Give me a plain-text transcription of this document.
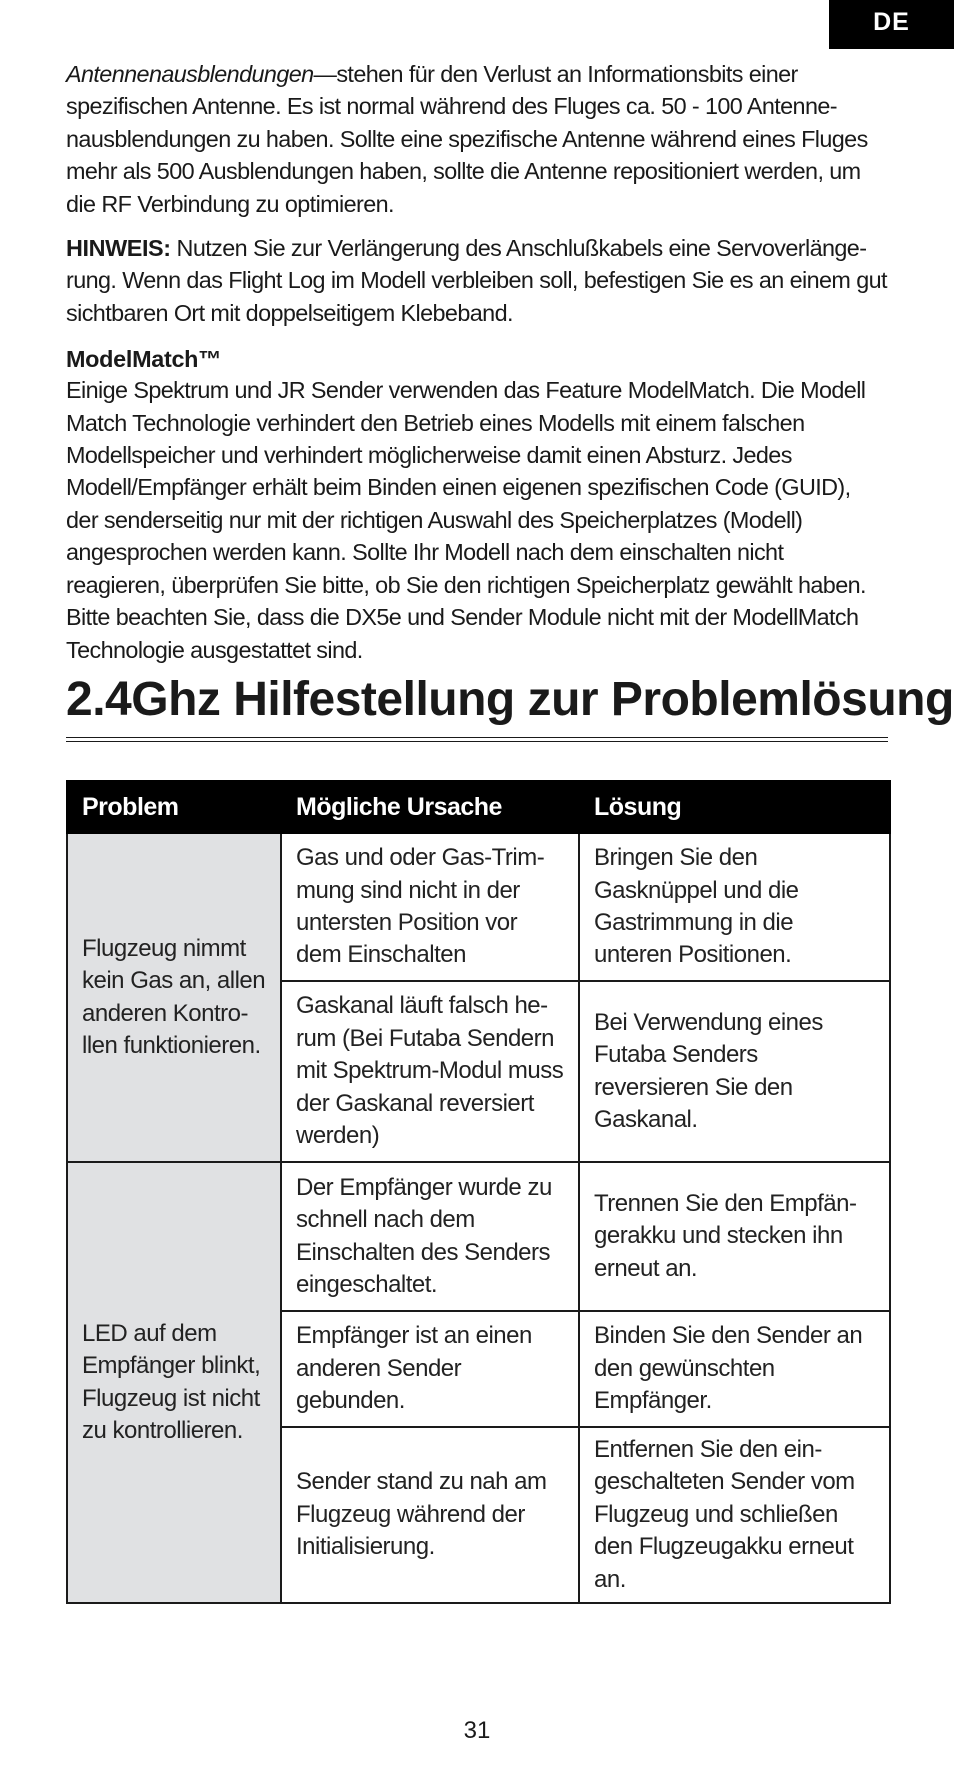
DE

Antennenausblendungen—stehen für den Verlust an Informationsbits einer spezifischen Antenne. Es ist normal während des Fluges ca. 50 - 100 Antenne- nausblendungen zu haben. Sollte eine spezifische Antenne während eines Fluges mehr als 500 Ausblendungen haben, sollte die Antenne repositioniert werden, um die RF Verbindung zu optimieren.

HINWEIS: Nutzen Sie zur Verlängerung des Anschlußkabels eine Servoverlänge- rung. Wenn das Flight Log im Modell verbleiben soll, befestigen Sie es an einem gut sichtbaren Ort mit doppelseitigem Klebeband.

ModelMatch™

Einige Spektrum und JR Sender verwenden das Feature ModelMatch. Die Modell Match Technologie verhindert den Betrieb eines Modells mit einem falschen Modellspeicher und verhindert möglicherweise damit einen Absturz. Jedes Modell/Empfänger erhält beim Binden einen eigenen spezifischen Code (GUID), der senderseitig nur mit der richtigen Auswahl des Speicherplatzes (Modell) angesprochen werden kann. Sollte Ihr Modell nach dem einschalten nicht reagieren, überprüfen Sie bitte, ob Sie den richtigen Speicherplatz gewählt haben. Bitte beachten Sie, dass die DX5e und Sender Module nicht mit der ModellMatch Technologie ausgestattet sind.

2.4Ghz Hilfestellung zur Problemlösung
Problem	Mögliche Ursache	Lösung
Flugzeug nimmt kein Gas an, allen anderen Kontro- llen funktionieren.	Gas und oder Gas-Trim- mung sind nicht in der untersten Position vor dem Einschalten	Bringen Sie den Gasknüppel und die Gastrimmung in die unteren Positionen.
	Gaskanal läuft falsch he- rum (Bei Futaba Sendern mit Spektrum-Modul muss der Gaskanal reversiert werden)	Bei Verwendung eines Futaba Senders reversieren Sie den Gaskanal.
LED auf dem Empfänger blinkt, Flugzeug ist nicht zu kontrollieren.	Der Empfänger wurde zu schnell nach dem Einschalten des Senders eingeschaltet.	Trennen Sie den Empfän- gerakku und stecken ihn erneut an.
	Empfänger ist an einen anderen Sender gebunden.	Binden Sie den Sender an den gewünschten Empfänger.
	Sender stand zu nah am Flugzeug während der Initialisierung.	Entfernen Sie den ein- geschalteten Sender vom Flugzeug und schließen den Flugzeugakku erneut an.
31
